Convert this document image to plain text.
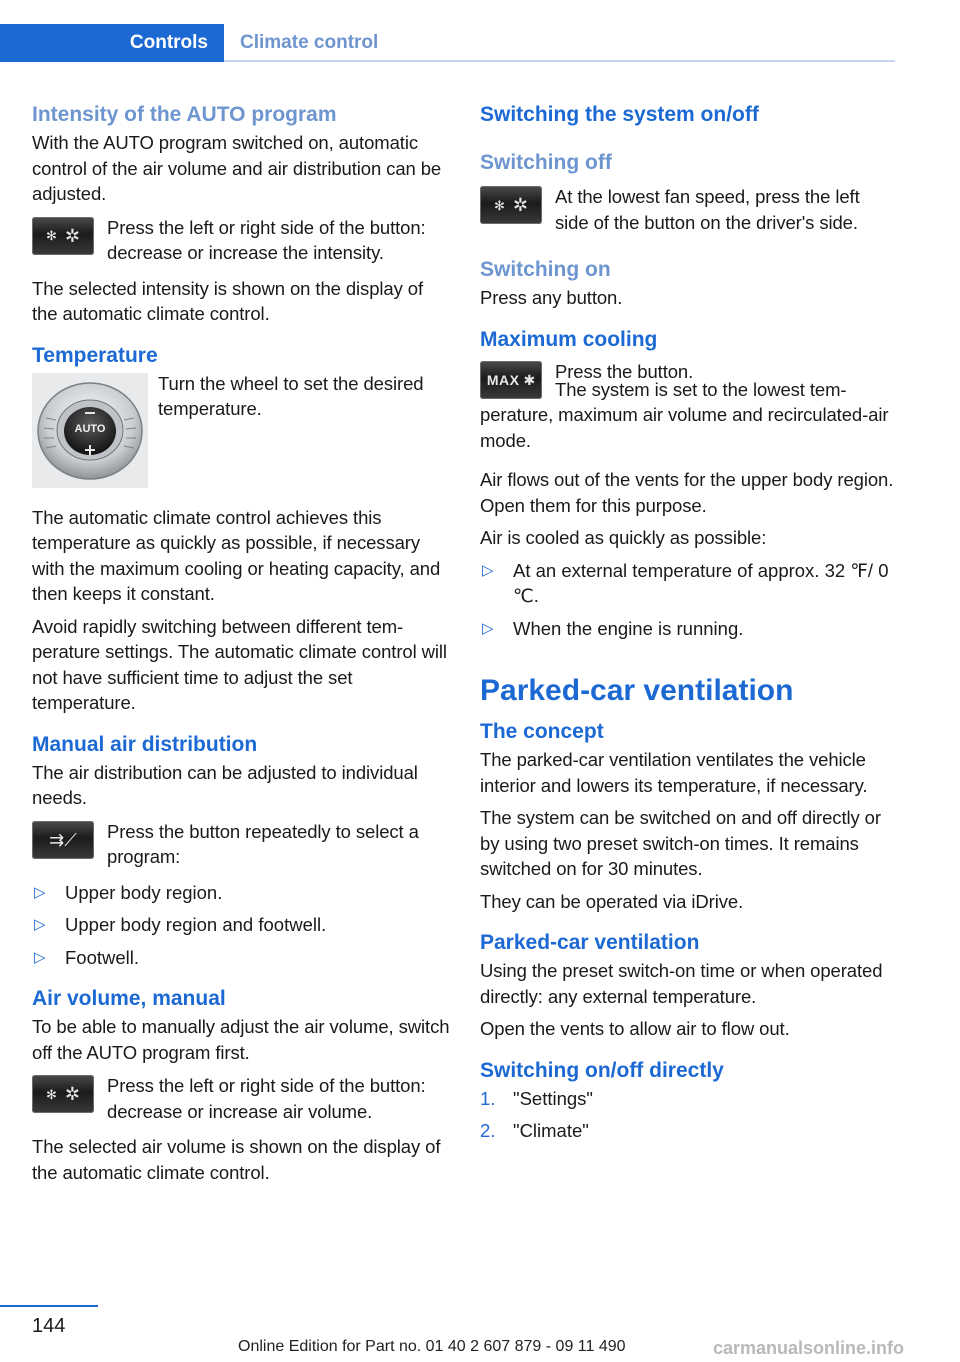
Controls	Climate control
Intensity of the AUTO program

With the AUTO program switched on, automatic control of the air volume and air distribution can be adjusted.

✻ ✲ Press the left or right side of the button: decrease or increase the intensity.

The selected intensity is shown on the display of the automatic climate control.

Temperature
AUTO

Turn the wheel to set the desired temperature.

The automatic climate control achieves this temperature as quickly as possible, if necessary with the maximum cooling or heating capacity, and then keeps it constant.

Avoid rapidly switching between different temperature settings. The automatic climate control will not have sufficient time to adjust the set temperature.

Manual air distribution

The air distribution can be adjusted to individual needs.

⇉⟋ Press the button repeatedly to select a program:

▷ Upper body region.
▷ Upper body region and footwell.
▷ Footwell.
Air volume, manual

To be able to manually adjust the air volume, switch off the AUTO program first.

✻ ✲ Press the left or right side of the button: decrease or increase air volume.

The selected air volume is shown on the display of the automatic climate control.

Switching the system on/off
Switching off
✻ ✲ At the lowest fan speed, press the left side of the button on the driver's side.

Switching on

Press any button.

Maximum cooling
MAX ✱ Press the button.

The system is set to the lowest temperature, maximum air volume and recirculated-air mode.

Air flows out of the vents for the upper body region. Open them for this purpose.

Air is cooled as quickly as possible:

▷ At an external temperature of approx. 32 ℉/ 0 ℃.
▷ When the engine is running.
Parked-car ventilation
The concept

The parked-car ventilation ventilates the vehicle interior and lowers its temperature, if necessary.

The system can be switched on and off directly or by using two preset switch-on times. It remains switched on for 30 minutes.

They can be operated via iDrive.

Parked-car ventilation

Using the preset switch-on time or when operated directly: any external temperature.

Open the vents to allow air to flow out.

Switching on/off directly
1. "Settings"
2. "Climate"
144
Online Edition for Part no. 01 40 2 607 879 - 09 11 490	carmanualsonline.info
